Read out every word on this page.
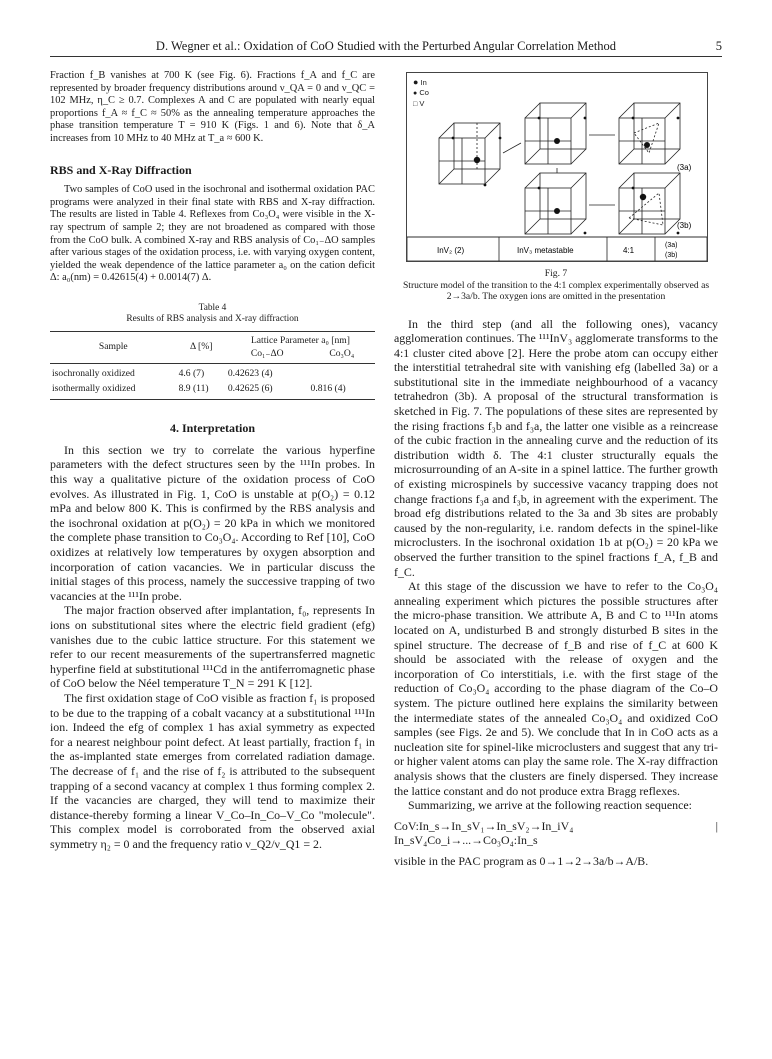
D. Wegner et al.: Oxidation of CoO Studied with the Perturbed Angular Correlation Method	5

Fraction f_B vanishes at 700 K (see Fig. 6). Fractions f_A and f_C are represented by broader frequency distributions around ν_QA = 0 and ν_QC = 102 MHz, η_C ≥ 0.7. Complexes A and C are populated with nearly equal proportions f_A ≈ f_C ≈ 50% as the annealing temperature approaches the phase transition temperature T = 910 K (Figs. 1 and 6). Note that δ_A increases from 10 MHz to 40 MHz at T_a ≈ 600 K.

RBS and X-Ray Diffraction

Two samples of CoO used in the isochronal and isothermal oxidation PAC programs were analyzed in their final state with RBS and X-ray diffraction. The results are listed in Table 4. Reflexes from Co₃O₄ were visible in the X-ray spectrum of sample 2; they are not broadened as compared with those from the CoO bulk. A combined X-ray and RBS analysis of Co₁₋ΔO samples after various stages of the oxidation process, i.e. with varying oxygen content, yielded the weak dependence of the lattice parameter a₀ on the cation deficit Δ: a₀(nm) = 0.42615(4) + 0.0014(7) Δ.

Table 4

Results of RBS analysis and X-ray diffraction

Sample	Δ [%]	Lattice Parameter a₀ [nm]	
		Co₁₋ΔO	Co₃O₄
isochronally oxidized	4.6 (7)	0.42623 (4)	
isothermally oxidized	8.9 (11)	0.42625 (6)	0.816 (4)
4. Interpretation

In this section we try to correlate the various hyperfine parameters with the defect structures seen by the ¹¹¹In probes. In this way a qualitative picture of the oxidation process of CoO evolves. As illustrated in Fig. 1, CoO is unstable at p(O₂) = 0.12 mPa and below 800 K. This is confirmed by the RBS analysis and the isochronal oxidation at p(O₂) = 20 kPa in which we monitored the complete phase transition to Co₃O₄. According to Ref [10], CoO oxidizes at relatively low temperatures by oxygen absorption and incorporation of cation vacancies. We in particular discuss the initial stages of this process, namely the successive trapping of two vacancies at the ¹¹¹In probe.

The major fraction observed after implantation, f₀, represents In ions on substitutional sites where the electric field gradient (efg) vanishes due to the cubic lattice structure. For this statement we refer to our recent measurements of the supertransferred magnetic hyperfine field at substitutional ¹¹¹Cd in the antiferromagnetic phase of CoO below the Néel temperature T_N = 291 K [12].

The first oxidation stage of CoO visible as fraction f₁ is proposed to be due to the trapping of a cobalt vacancy at a substitutional ¹¹¹In ion. Indeed the efg of complex 1 has axial symmetry as expected for a nearest neighbour point defect. At least partially, fraction f₁ in the as-implanted state emerges from correlated radiation damage. The decrease of f₁ and the rise of f₂ is attributed to the subsequent trapping of a second vacancy at complex 1 thus forming complex 2. If the vacancies are charged, they will tend to maximize their distance-thereby forming a linear V_Co–In_Co–V_Co "molecule". This complex model is corroborated from the observed axial symmetry η₂ = 0 and the frequency ratio ν_Q2/ν_Q1 = 2.

● In
● Co
□ V
(3a)
(3b)
InV₂ (2)	InV₃ metastable	4:1
(3a)
(3b)
Fig. 7
Structure model of the transition to the 4:1 complex experimentally observed as 2→3a/b. The oxygen ions are omitted in the presentation

In the third step (and all the following ones), vacancy agglomeration continues. The ¹¹¹InV₃ agglomerate transforms to the 4:1 cluster cited above [2]. Here the probe atom can occupy either the interstitial tetrahedral site with vanishing efg (labelled 3a) or a substitutional site in the immediate neighbourhood of a vacancy tetrahedron (3b). A proposal of the structural transformation is sketched in Fig. 7. The populations of these sites are represented by the rising fractions f₃b and f₃a, the latter one visible as a reincrease of the cubic fraction in the annealing curve and the reduction of its distribution width δ. The 4:1 cluster structurally equals the microsurrounding of an A-site in a spinel lattice. The further growth of existing microspinels by successive vacancy trapping does not change fractions f₃a and f₃b, in agreement with the experiment. The broad efg distributions related to the 3a and 3b sites are probably caused by the non-regularity, i.e. random defects in the spinel-like microclusters. In the isochronal oxidation 1b at p(O₂) = 20 kPa we observed the further transition to the spinel fractions f_A, f_B and f_C.

At this stage of the discussion we have to refer to the Co₃O₄ annealing experiment which pictures the possible structures after the micro-phase transition. We attribute A, B and C to ¹¹¹In atoms located on A, undisturbed B and strongly disturbed B sites in the spinel structure. The decrease of f_B and rise of f_C at 600 K should be associated with the release of oxygen and the incorporation of Co interstitials, i.e. with the first stage of the reduction of Co₃O₄ according to the phase diagram of the Co–O system. The picture outlined here explains the similarity between the intermediate states of the annealed Co₃O₄ and oxidized CoO samples (see Figs. 2e and 5). We conclude that In in CoO acts as a nucleation site for spinel-like microclusters and suggest that any tri- or higher valent atoms can play the same role. The X-ray diffraction analysis shows that the clusters are finely dispersed. They increase the lattice constant and do not produce extra Bragg reflexes.

Summarizing, we arrive at the following reaction sequence:

CoV:In_s→In_sV₁→In_sV₂→In_iV₄ | In_sV₄Co_i→...→Co₃O₄:In_s

visible in the PAC program as 0→1→2→3a/b→A/B.
